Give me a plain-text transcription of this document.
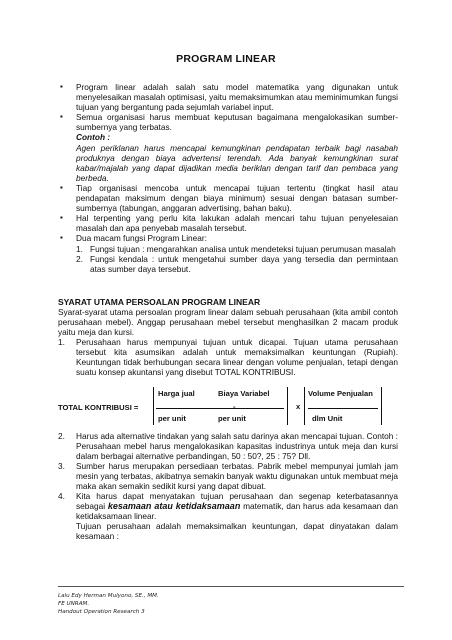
PROGRAM LINEAR
▪ Program linear adalah salah satu model matematika yang digunakan untuk menyelesaikan masalah optimisasi, yaitu memaksimumkan atau meminimumkan fungsi tujuan yang bergantung pada sejumlah variabel input.
▪ Semua organisasi harus membuat keputusan bagaimana mengalokasikan sumber-sumbernya yang terbatas.
Contoh :
Agen periklanan harus mencapai kemungkinan pendapatan terbaik bagi nasabah produknya dengan biaya advertensi terendah. Ada banyak kemungkinan surat kabar/majalah yang dapat dijadikan media beriklan dengan tarif dan pembaca yang berbeda.
▪ Tiap organisasi mencoba untuk mencapai tujuan tertentu (tingkat hasil atau pendapatan maksimum dengan biaya minimum) sesuai dengan batasan sumber-sumbernya (tabungan, anggaran advertising, bahan baku).
▪ Hal terpenting yang perlu kita lakukan adalah mencari tahu tujuan penyelesaian masalah dan apa penyebab masalah tersebut.
▪ Dua macam fungsi Program Linear:
1. Fungsi tujuan : mengarahkan analisa untuk mendeteksi tujuan perumusan masalah
2. Fungsi kendala : untuk mengetahui sumber daya yang tersedia dan permintaan atas sumber daya tersebut.
SYARAT UTAMA PERSOALAN PROGRAM LINEAR
Syarat-syarat utama persoalan program linear dalam sebuah perusahaan (kita ambil contoh perusahaan mebel). Anggap perusahaan mebel tersebut menghasilkan 2 macam produk yaitu meja dan kursi.
1. Perusahaan harus mempunyai tujuan untuk dicapai. Tujuan utama perusahaan tersebut kita asumsikan adalah untuk memaksimalkan keuntungan (Rupiah). Keuntungan tidak berhubungan secara linear dengan volume penjualan, tetapi dengan suatu konsep akuntansi yang disebut TOTAL KONTRIBUSI.
TOTAL KONTRIBUSI =
Harga jual
per unit
-
Biaya Variabel
per unit
x
Volume Penjualan
dlm Unit
2. Harus ada alternative tindakan yang salah satu darinya akan mencapai tujuan. Contoh : Perusahaan mebel harus mengalokasikan kapasitas industrinya untuk meja dan kursi dalam berbagai alternative perbandingan, 50 : 50?, 25 : 75? Dll.
3. Sumber harus merupakan persediaan terbatas. Pabrik mebel mempunyai jumlah jam mesin yang terbatas, akibatnya semakin banyak waktu digunakan untuk membuat meja maka akan semakin sedikit kursi yang dapat dibuat.
4. Kita harus dapat menyatakan tujuan perusahaan dan segenap keterbatasannya sebagai kesamaan atau ketidaksamaan matematik, dan harus ada kesamaan dan ketidaksamaan linear.
Tujuan perusahaan adalah memaksimalkan keuntungan, dapat dinyatakan dalam kesamaan :
Lalu Edy Herman Mulyono, SE., MM.
FE UNRAM.
Handout Operation Research 3
